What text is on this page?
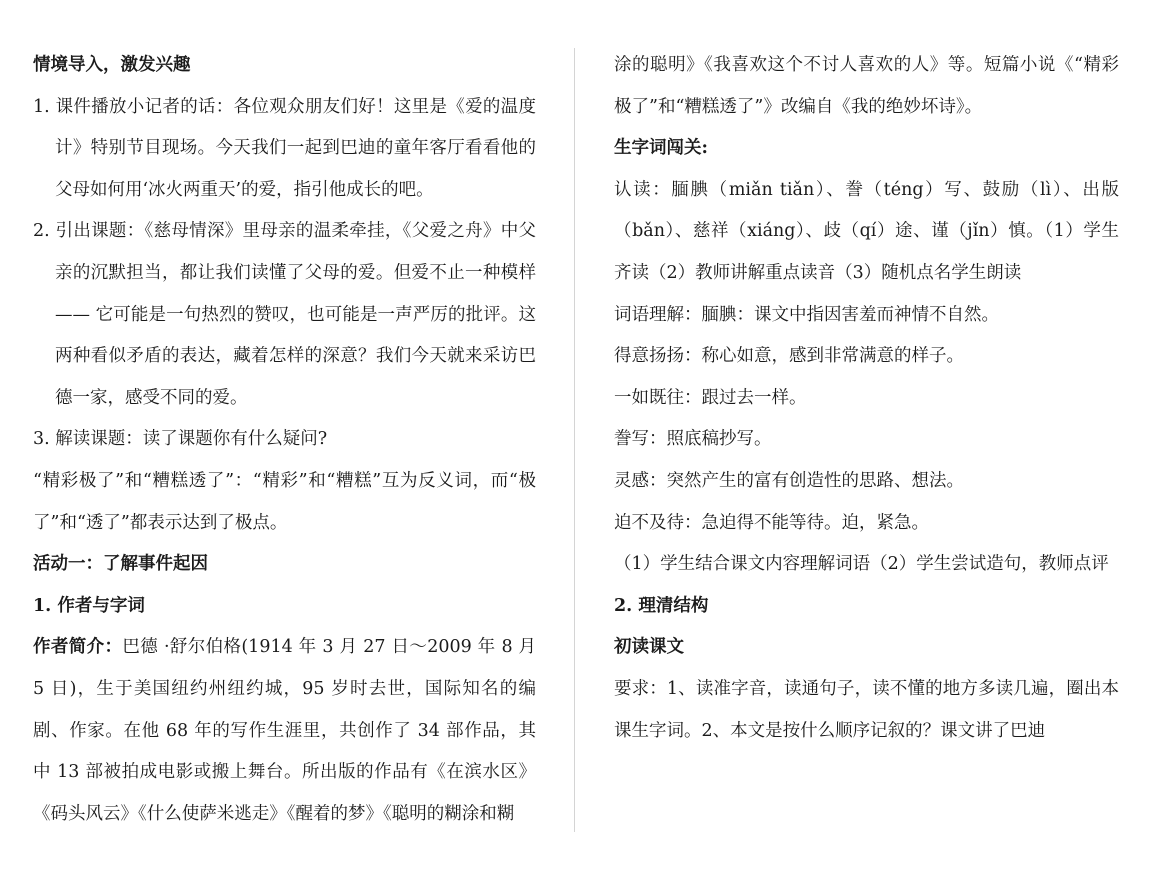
情境导入，激发兴趣

1. 课件播放小记者的话：各位观众朋友们好！这里是《爱的温度计》特别节目现场。今天我们一起到巴迪的童年客厅看看他的父母如何用‘冰火两重天’的爱，指引他成长的吧。

2. 引出课题：《慈母情深》里母亲的温柔牵挂，《父爱之舟》中父亲的沉默担当，都让我们读懂了父母的爱。但爱不止一种模样 —— 它可能是一句热烈的赞叹，也可能是一声严厉的批评。这两种看似矛盾的表达，藏着怎样的深意？我们今天就来采访巴德一家，感受不同的爱。

3. 解读课题：读了课题你有什么疑问?

“精彩极了”和“糟糕透了”：“精彩”和“糟糕”互为反义词，而“极了”和“透了”都表示达到了极点。

活动一：了解事件起因

1. 作者与字词

作者简介：巴德 ·舒尔伯格(1914 年 3 月 27 日～2009 年 8 月 5 日)，生于美国纽约州纽约城，95 岁时去世，国际知名的编剧、作家。在他 68 年的写作生涯里，共创作了 34 部作品，其中 13 部被拍成电影或搬上舞台。所出版的作品有《在滨水区》《码头风云》《什么使萨米逃走》《醒着的梦》《聪明的糊涂和糊

涂的聪明》《我喜欢这个不讨人喜欢的人》等。短篇小说《“精彩极了”和“糟糕透了”》改编自《我的绝妙坏诗》。

生字词闯关:

认读：腼腆（miǎn tiǎn）、誊（téng）写、鼓励（lì）、出版（bǎn）、慈祥（xiáng）、歧（qí）途、谨（jǐn）慎。（1）学生齐读（2）教师讲解重点读音（3）随机点名学生朗读

词语理解：腼腆：课文中指因害羞而神情不自然。

得意扬扬：称心如意，感到非常满意的样子。

一如既往：跟过去一样。

誊写：照底稿抄写。

灵感：突然产生的富有创造性的思路、想法。

迫不及待：急迫得不能等待。迫，紧急。

（1）学生结合课文内容理解词语（2）学生尝试造句，教师点评

2. 理清结构

初读课文

要求：1、读准字音，读通句子，读不懂的地方多读几遍，圈出本课生字词。2、本文是按什么顺序记叙的？课文讲了巴迪
